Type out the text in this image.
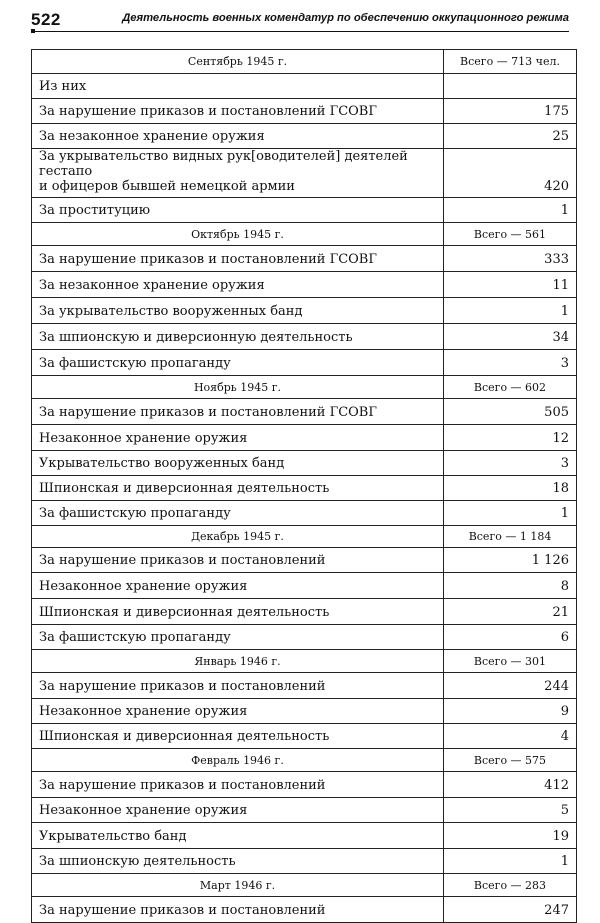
522	Деятельность военных комендатур по обеспечению оккупационного режима
Сентябрь 1945 г.	Всего — 713 чел.
Из них	
За нарушение приказов и постановлений ГСОВГ	175
За незаконное хранение оружия	25

За укрывательство видных рук[оводителей] деятелей гестапо
и офицеров бывшей немецкой армии	420
За проституцию	1
Октябрь 1945 г.	Всего — 561
За нарушение приказов и постановлений ГСОВГ	333
За незаконное хранение оружия	11
За укрывательство вооруженных банд	1
За шпионскую и диверсионную деятельность	34
За фашистскую пропаганду	3
Ноябрь 1945 г.	Всего — 602
За нарушение приказов и постановлений ГСОВГ	505
Незаконное хранение оружия	12
Укрывательство вооруженных банд	3
Шпионская и диверсионная деятельность	18
За фашистскую пропаганду	1
Декабрь 1945 г.	Всего — 1 184
За нарушение приказов и постановлений	1 126
Незаконное хранение оружия	8
Шпионская и диверсионная деятельность	21
За фашистскую пропаганду	6
Январь 1946 г.	Всего — 301
За нарушение приказов и постановлений	244
Незаконное хранение оружия	9
Шпионская и диверсионная деятельность	4
Февраль 1946 г.	Всего — 575
За нарушение приказов и постановлений	412
Незаконное хранение оружия	5
Укрывательство банд	19
За шпионскую деятельность	1
Март 1946 г.	Всего — 283
За нарушение приказов и постановлений	247
